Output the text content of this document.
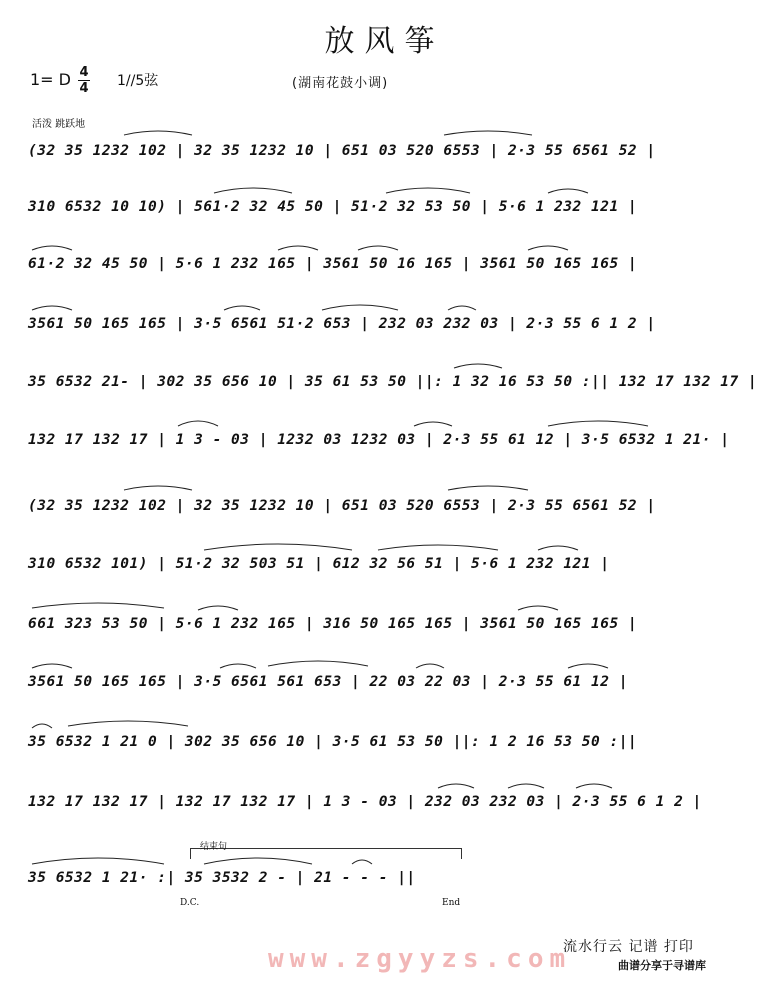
放风筝
1= D 4
4 1//5弦	(湖南花鼓小调)
活泼 跳跃地
(32 35 1232 102 | 32 35 1232 10 | 651 03 520 6553 | 2·3 55 6561 52 |
310 6532 10 10) | 561·2 32 45 50 | 51·2 32 53 50 | 5·6 1 232 121 |
61·2 32 45 50 | 5·6 1 232 165 | 3561 50 16 165 | 3561 50 165 165 |
3561 50 165 165 | 3·5 6561 51·2 653 | 232 03 232 03 | 2·3 55 6 1 2 |
35 6532 21- | 302 35 656 10 | 35 61 53 50 ||: 1 32 16 53 50 :|| 132 17 132 17 |
132 17 132 17 | 1 3 - 03 | 1232 03 1232 03 | 2·3 55 61 12 | 3·5 6532 1 21· |
(32 35 1232 102 | 32 35 1232 10 | 651 03 520 6553 | 2·3 55 6561 52 |
310 6532 101) | 51·2 32 503 51 | 612 32 56 51 | 5·6 1 232 121 |
661 323 53 50 | 5·6 1 232 165 | 316 50 165 165 | 3561 50 165 165 |
3561 50 165 165 | 3·5 6561 561 653 | 22 03 22 03 | 2·3 55 61 12 |
35 6532 1 21 0 | 302 35 656 10 | 3·5 61 53 50 ||: 1 2 16 53 50 :||
132 17 132 17 | 132 17 132 17 | 1 3 - 03 | 232 03 232 03 | 2·3 55 6 1 2 |
35 6532 1 21· :| 35 3532 2 - | 21 - - - ||
结束句
D.C.	End
流水行云 记谱 打印
www.zgyyzs.com	曲谱分享于寻谱库
